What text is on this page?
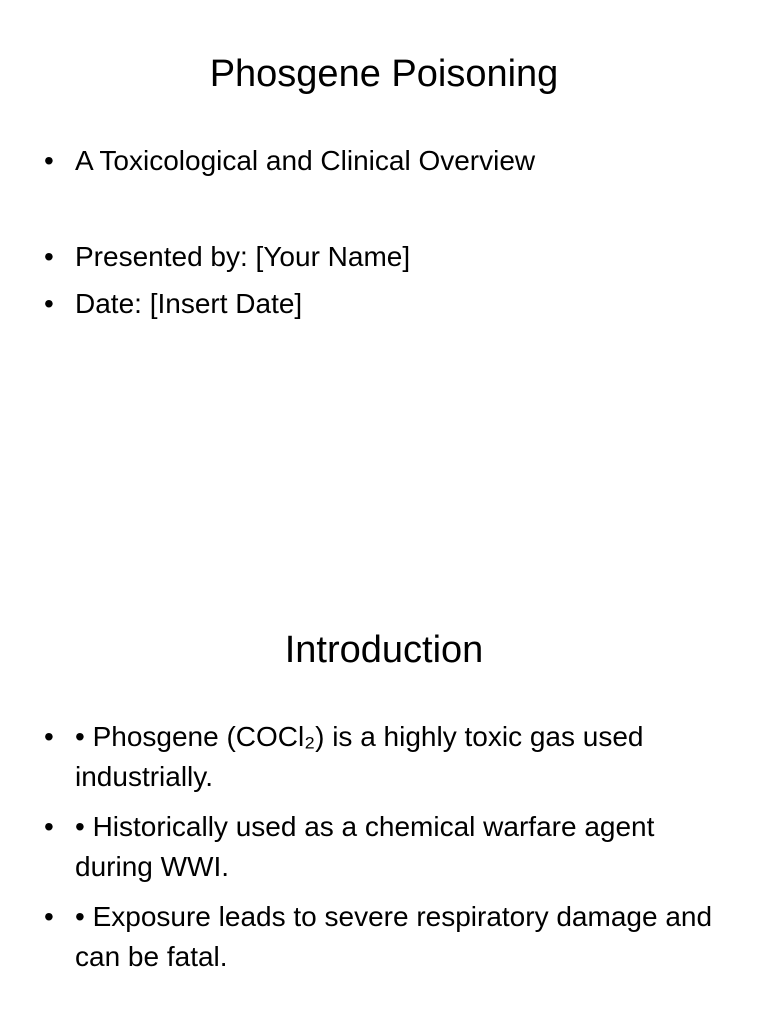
Phosgene Poisoning
• A Toxicological and Clinical Overview
• Presented by: [Your Name]
• Date: [Insert Date]
Introduction
• • Phosgene (COCl₂) is a highly toxic gas used industrially.
• • Historically used as a chemical warfare agent during WWI.
• • Exposure leads to severe respiratory damage and can be fatal.
